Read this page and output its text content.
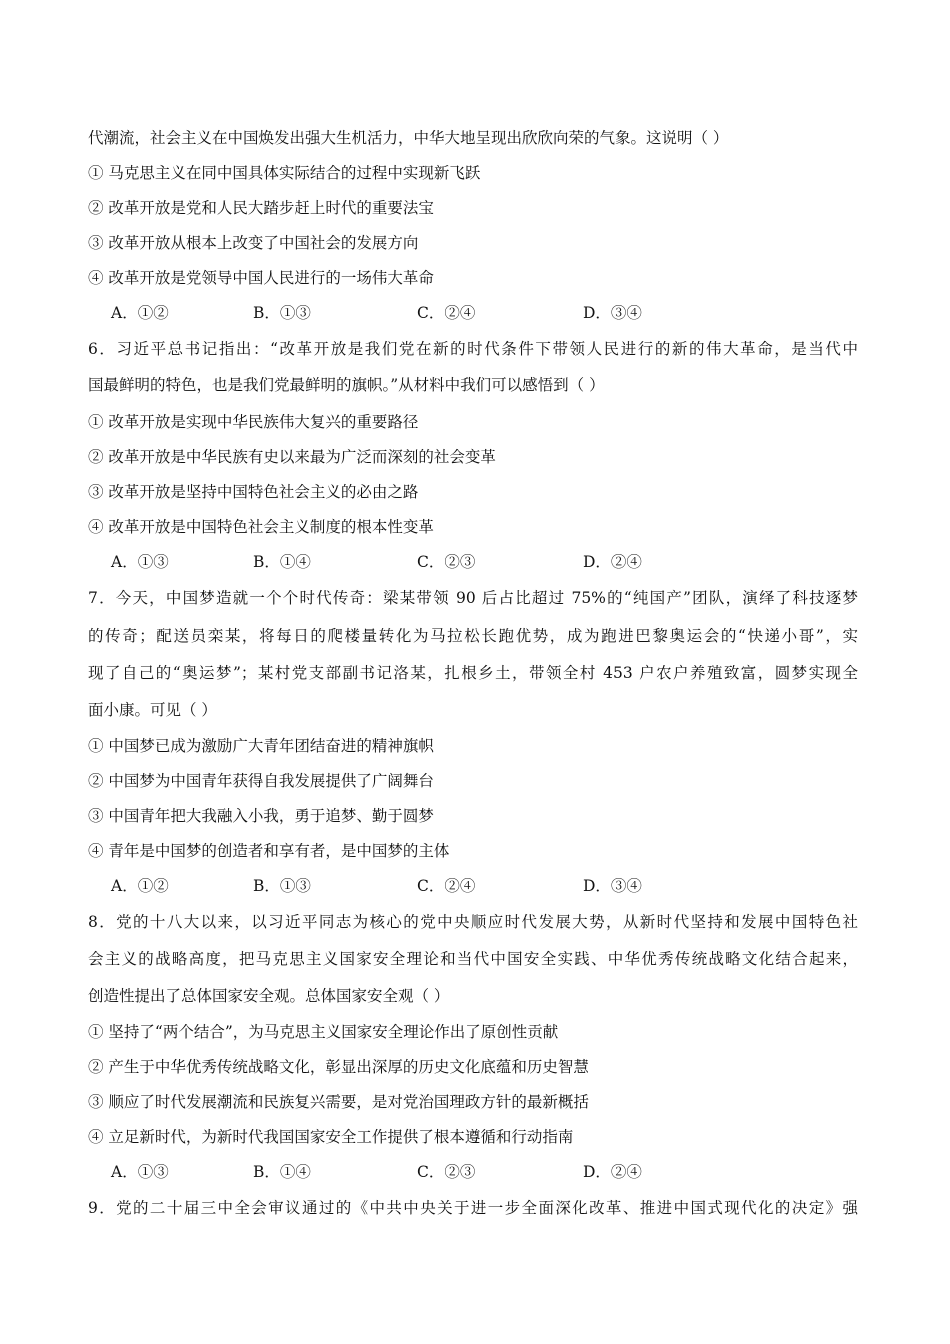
代潮流，社会主义在中国焕发出强大生机活力，中华大地呈现出欣欣向荣的气象。这说明（ ）
① 马克思主义在同中国具体实际结合的过程中实现新飞跃
② 改革开放是党和人民大踏步赶上时代的重要法宝
③ 改革开放从根本上改变了中国社会的发展方向
④ 改革开放是党领导中国人民进行的一场伟大革命
A．①②	B．①③	C．②④	D．③④
6．习近平总书记指出：“改革开放是我们党在新的时代条件下带领人民进行的新的伟大革命，是当代中
国最鲜明的特色，也是我们党最鲜明的旗帜。”从材料中我们可以感悟到（ ）
① 改革开放是实现中华民族伟大复兴的重要路径
② 改革开放是中华民族有史以来最为广泛而深刻的社会变革
③ 改革开放是坚持中国特色社会主义的必由之路
④ 改革开放是中国特色社会主义制度的根本性变革
A．①③	B．①④	C．②③	D．②④
7．今天，中国梦造就一个个时代传奇：梁某带领 90 后占比超过 75%的“纯国产”团队，演绎了科技逐梦
的传奇；配送员栾某，将每日的爬楼量转化为马拉松长跑优势，成为跑进巴黎奥运会的“快递小哥”，实
现了自己的“奥运梦”；某村党支部副书记洛某，扎根乡土，带领全村 453 户农户养殖致富，圆梦实现全
面小康。可见（ ）
① 中国梦已成为激励广大青年团结奋进的精神旗帜
② 中国梦为中国青年获得自我发展提供了广阔舞台
③ 中国青年把大我融入小我，勇于追梦、勤于圆梦
④ 青年是中国梦的创造者和享有者，是中国梦的主体
A．①②	B．①③	C．②④	D．③④
8．党的十八大以来，以习近平同志为核心的党中央顺应时代发展大势，从新时代坚持和发展中国特色社
会主义的战略高度，把马克思主义国家安全理论和当代中国安全实践、中华优秀传统战略文化结合起来，
创造性提出了总体国家安全观。总体国家安全观（ ）
① 坚持了“两个结合”，为马克思主义国家安全理论作出了原创性贡献
② 产生于中华优秀传统战略文化，彰显出深厚的历史文化底蕴和历史智慧
③ 顺应了时代发展潮流和民族复兴需要，是对党治国理政方针的最新概括
④ 立足新时代，为新时代我国国家安全工作提供了根本遵循和行动指南
A．①③	B．①④	C．②③	D．②④
9．党的二十届三中全会审议通过的《中共中央关于进一步全面深化改革、推进中国式现代化的决定》强
